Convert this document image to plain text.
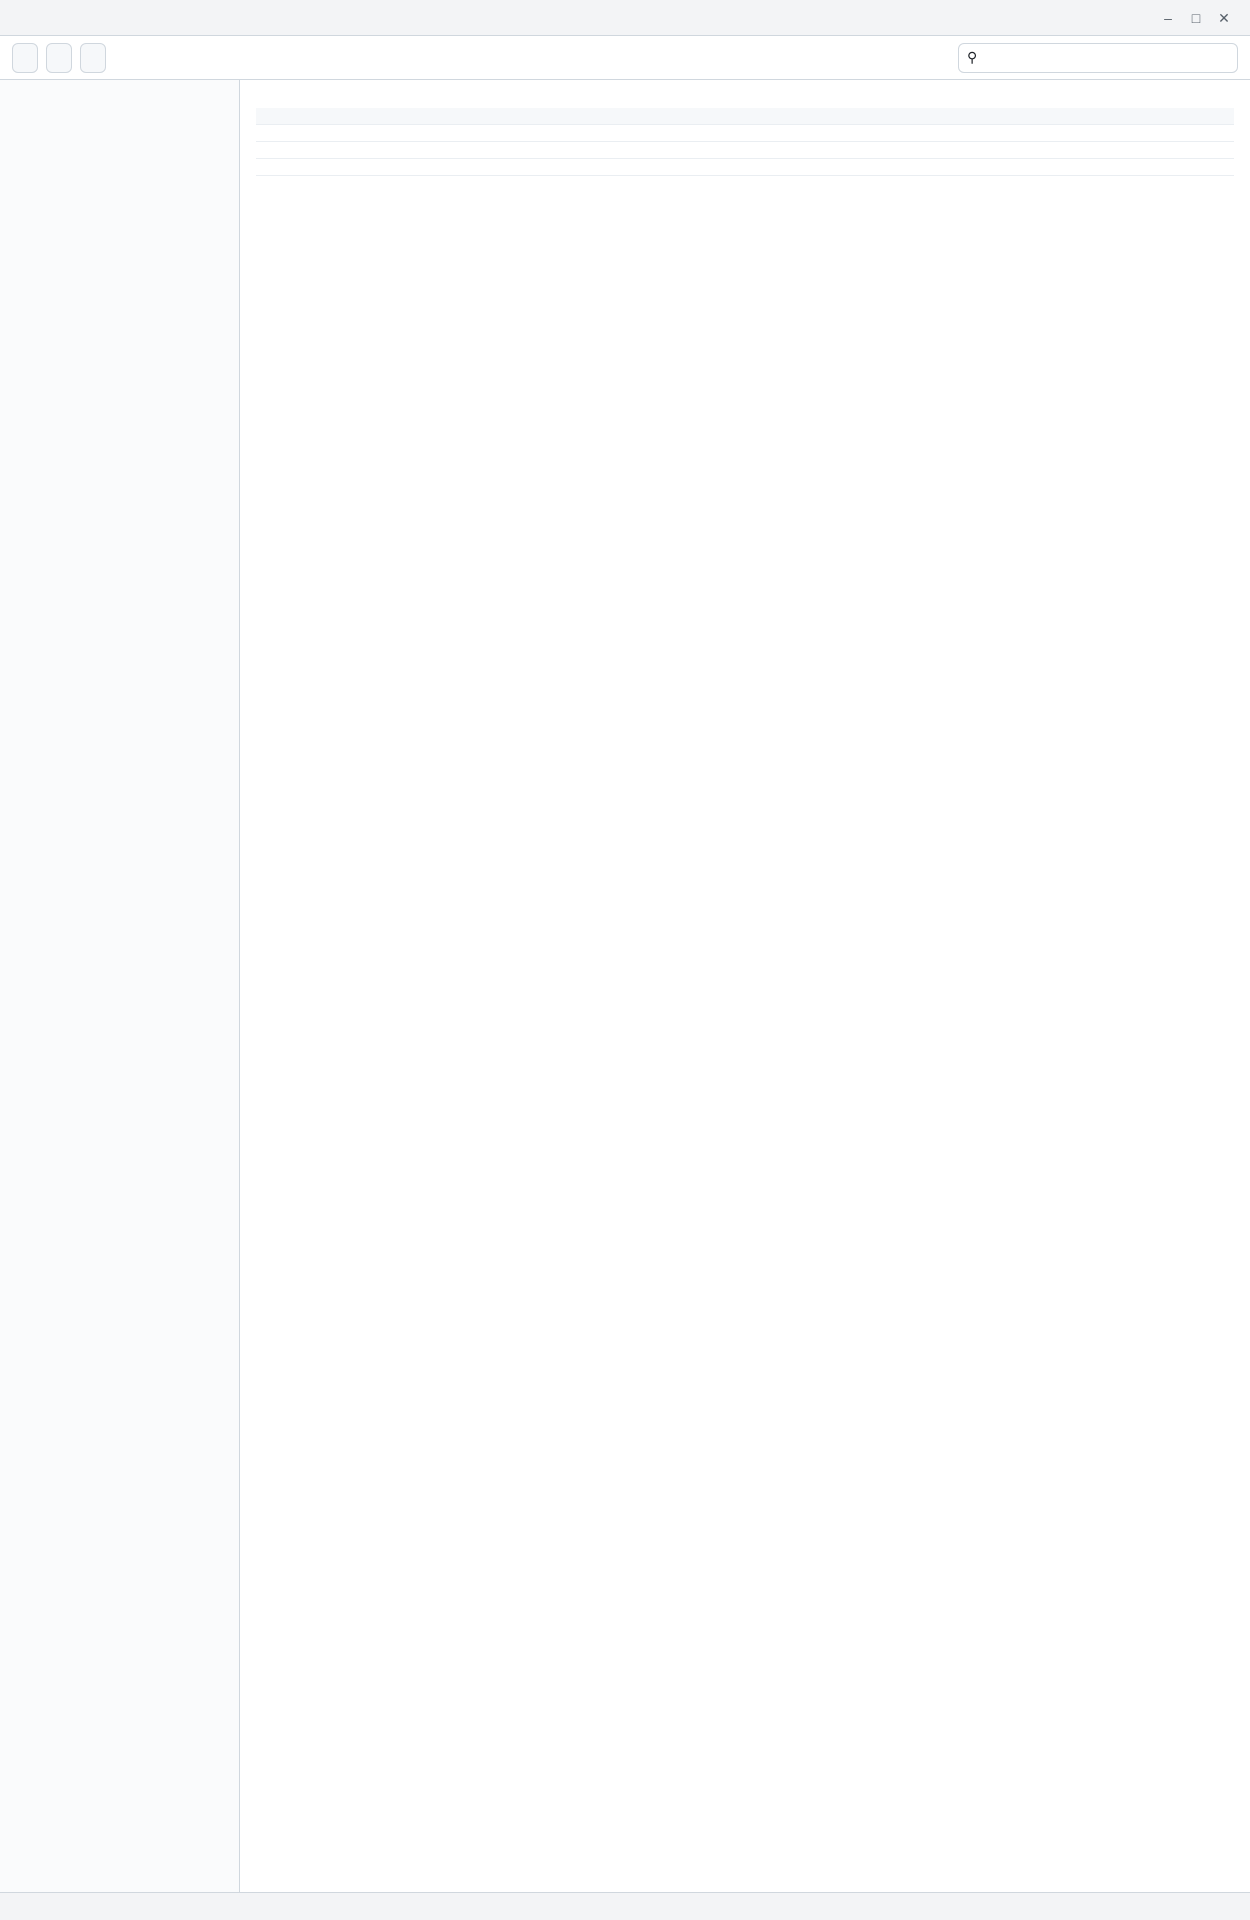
–	□	✕
⚲
